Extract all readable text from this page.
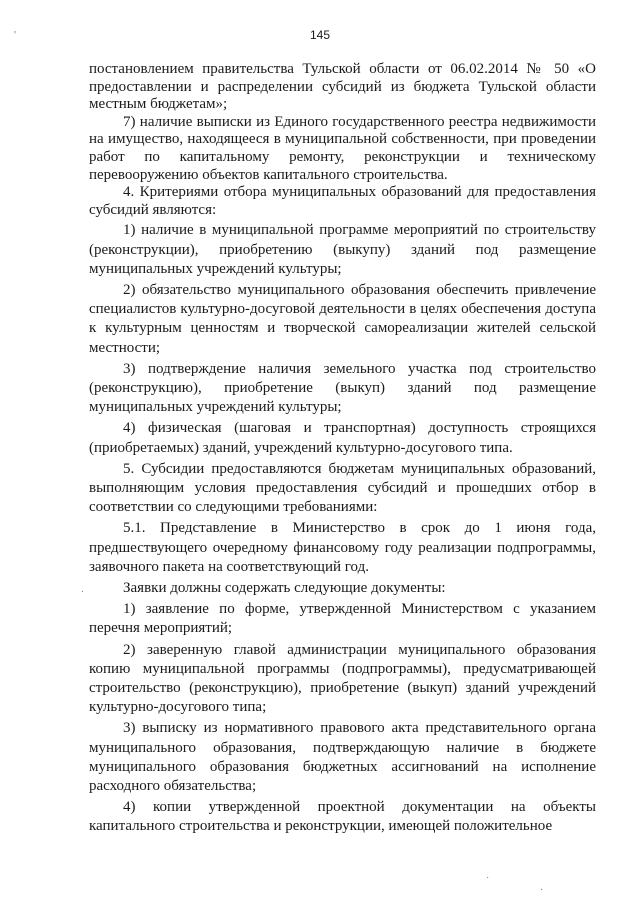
145

постановлением правительства Тульской области от 06.02.2014 № 50 «О предоставлении и распределении субсидий из бюджета Тульской области местным бюджетам»;

7) наличие выписки из Единого государственного реестра недвижимости на имущество, находящееся в муниципальной собственности, при проведении работ по капитальному ремонту, реконструкции и техническому перевооружению объектов капитального строительства.

4. Критериями отбора муниципальных образований для предоставления субсидий являются:

1) наличие в муниципальной программе мероприятий по строительству (реконструкции), приобретению (выкупу) зданий под размещение муниципальных учреждений культуры;

2) обязательство муниципального образования обеспечить привлечение специалистов культурно-досуговой деятельности в целях обеспечения доступа к культурным ценностям и творческой самореализации жителей сельской местности;

3) подтверждение наличия земельного участка под строительство (реконструкцию), приобретение (выкуп) зданий под размещение муниципальных учреждений культуры;

4) физическая (шаговая и транспортная) доступность строящихся (приобретаемых) зданий, учреждений культурно-досугового типа.

5. Субсидии предоставляются бюджетам муниципальных образований, выполняющим условия предоставления субсидий и прошедших отбор в соответствии со следующими требованиями:

5.1. Представление в Министерство в срок до 1 июня года, предшествующего очередному финансовому году реализации подпрограммы, заявочного пакета на соответствующий год.

Заявки должны содержать следующие документы:

1) заявление по форме, утвержденной Министерством с указанием перечня мероприятий;

2) заверенную главой администрации муниципального образования копию муниципальной программы (подпрограммы), предусматривающей строительство (реконструкцию), приобретение (выкуп) зданий учреждений культурно-досугового типа;

3) выписку из нормативного правового акта представительного органа муниципального образования, подтверждающую наличие в бюджете муниципального образования бюджетных ассигнований на исполнение расходного обязательства;

4) копии утвержденной проектной документации на объекты капитального строительства и реконструкции, имеющей положительное

'
.
·
·
